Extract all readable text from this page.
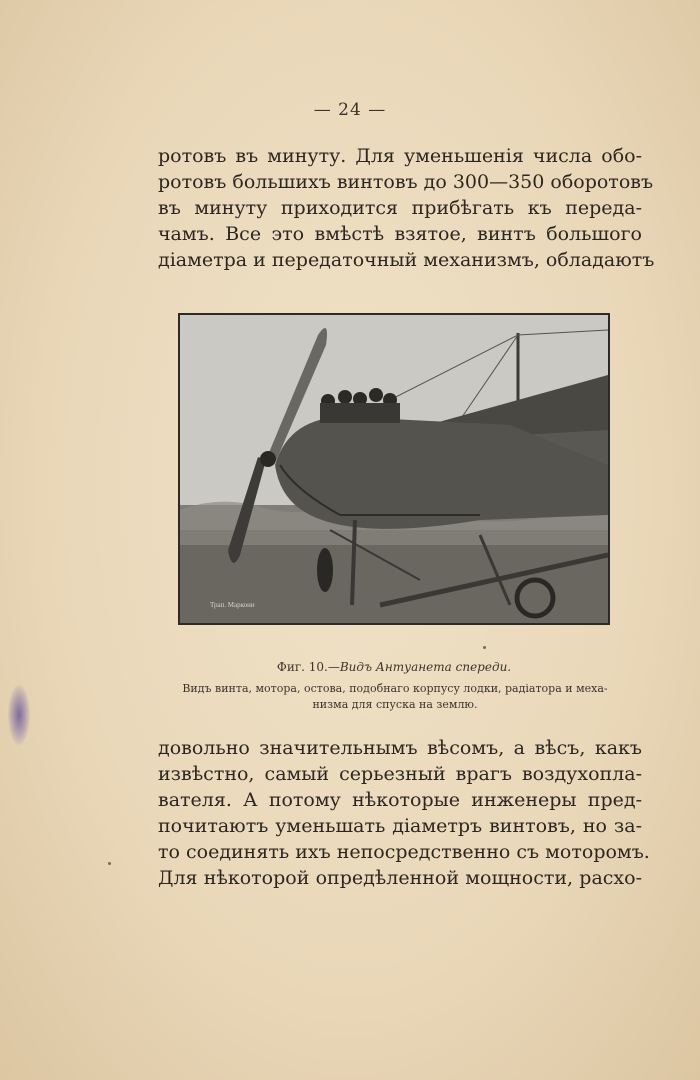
— 24 —
ротовъ въ минуту. Для уменьшенія числа обо-
ротовъ большихъ винтовъ до 300—350 оборотовъ
въ минуту приходится прибѣгать къ переда-
чамъ. Все это вмѣстѣ взятое, винтъ большого
діаметра и передаточный механизмъ, обладаютъ
Трап. Маркони
Фиг. 10.—Видъ Антуанетa спереди.
Видъ винта, мотора, остова, подобнаго корпусу лодки, радіатора и меха-
низма для спуска на землю.
довольно значительнымъ вѣсомъ, а вѣсъ, какъ
извѣстно, самый серьезный врагъ воздухопла-
вателя. А потому нѣкоторые инженеры пред-
почитаютъ уменьшать діаметръ винтовъ, но за-
то соединять ихъ непосредственно съ моторомъ.
Для нѣкоторой опредѣленной мощности, расхо-
